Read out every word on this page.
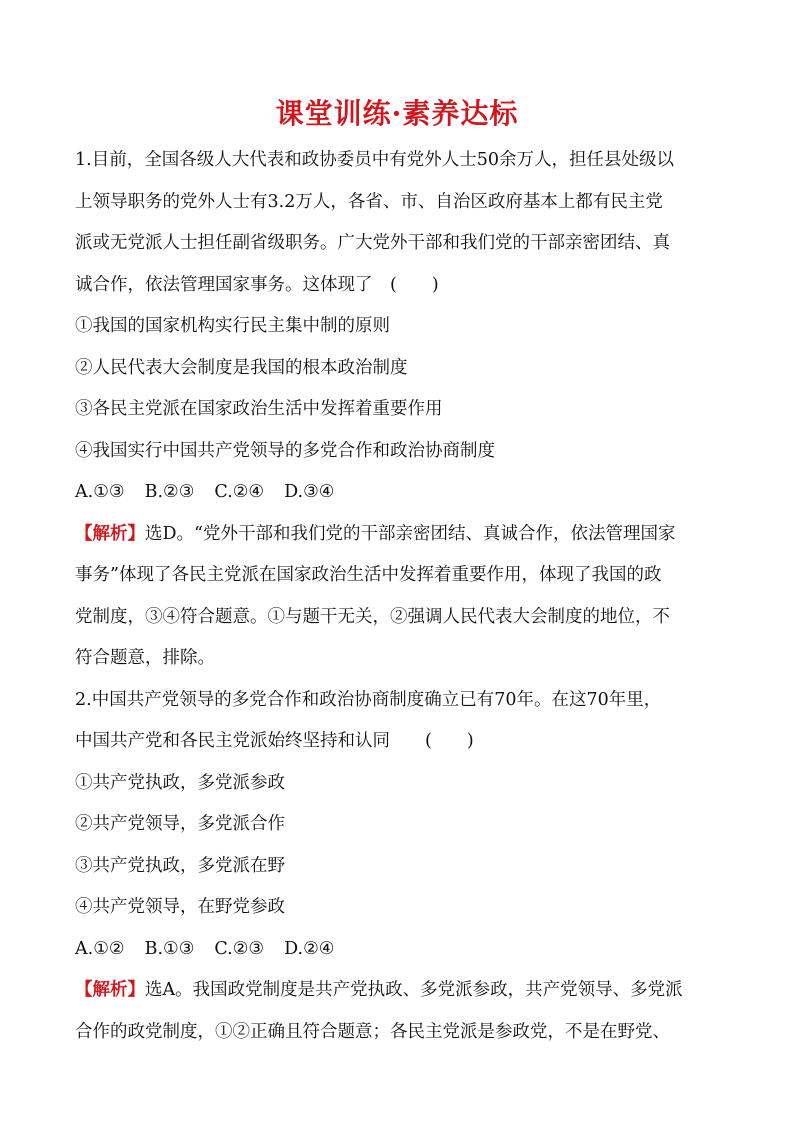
课堂训练·素养达标
1.目前，全国各级人大代表和政协委员中有党外人士50余万人，担任县处级以
上领导职务的党外人士有3.2万人，各省、市、自治区政府基本上都有民主党
派或无党派人士担任副省级职务。广大党外干部和我们党的干部亲密团结、真
诚合作，依法管理国家事务。这体现了　(　　)
①我国的国家机构实行民主集中制的原则
②人民代表大会制度是我国的根本政治制度
③各民主党派在国家政治生活中发挥着重要作用
④我国实行中国共产党领导的多党合作和政治协商制度
A.①③ B.②③ C.②④ D.③④
【解析】选D。“党外干部和我们党的干部亲密团结、真诚合作，依法管理国家
事务”体现了各民主党派在国家政治生活中发挥着重要作用，体现了我国的政
党制度，③④符合题意。①与题干无关，②强调人民代表大会制度的地位，不
符合题意，排除。
2.中国共产党领导的多党合作和政治协商制度确立已有70年。在这70年里，
中国共产党和各民主党派始终坚持和认同　　(　　)
①共产党执政，多党派参政
②共产党领导，多党派合作
③共产党执政，多党派在野
④共产党领导，在野党参政
A.①② B.①③ C.②③ D.②④
【解析】选A。我国政党制度是共产党执政、多党派参政，共产党领导、多党派
合作的政党制度，①②正确且符合题意；各民主党派是参政党，不是在野党、
